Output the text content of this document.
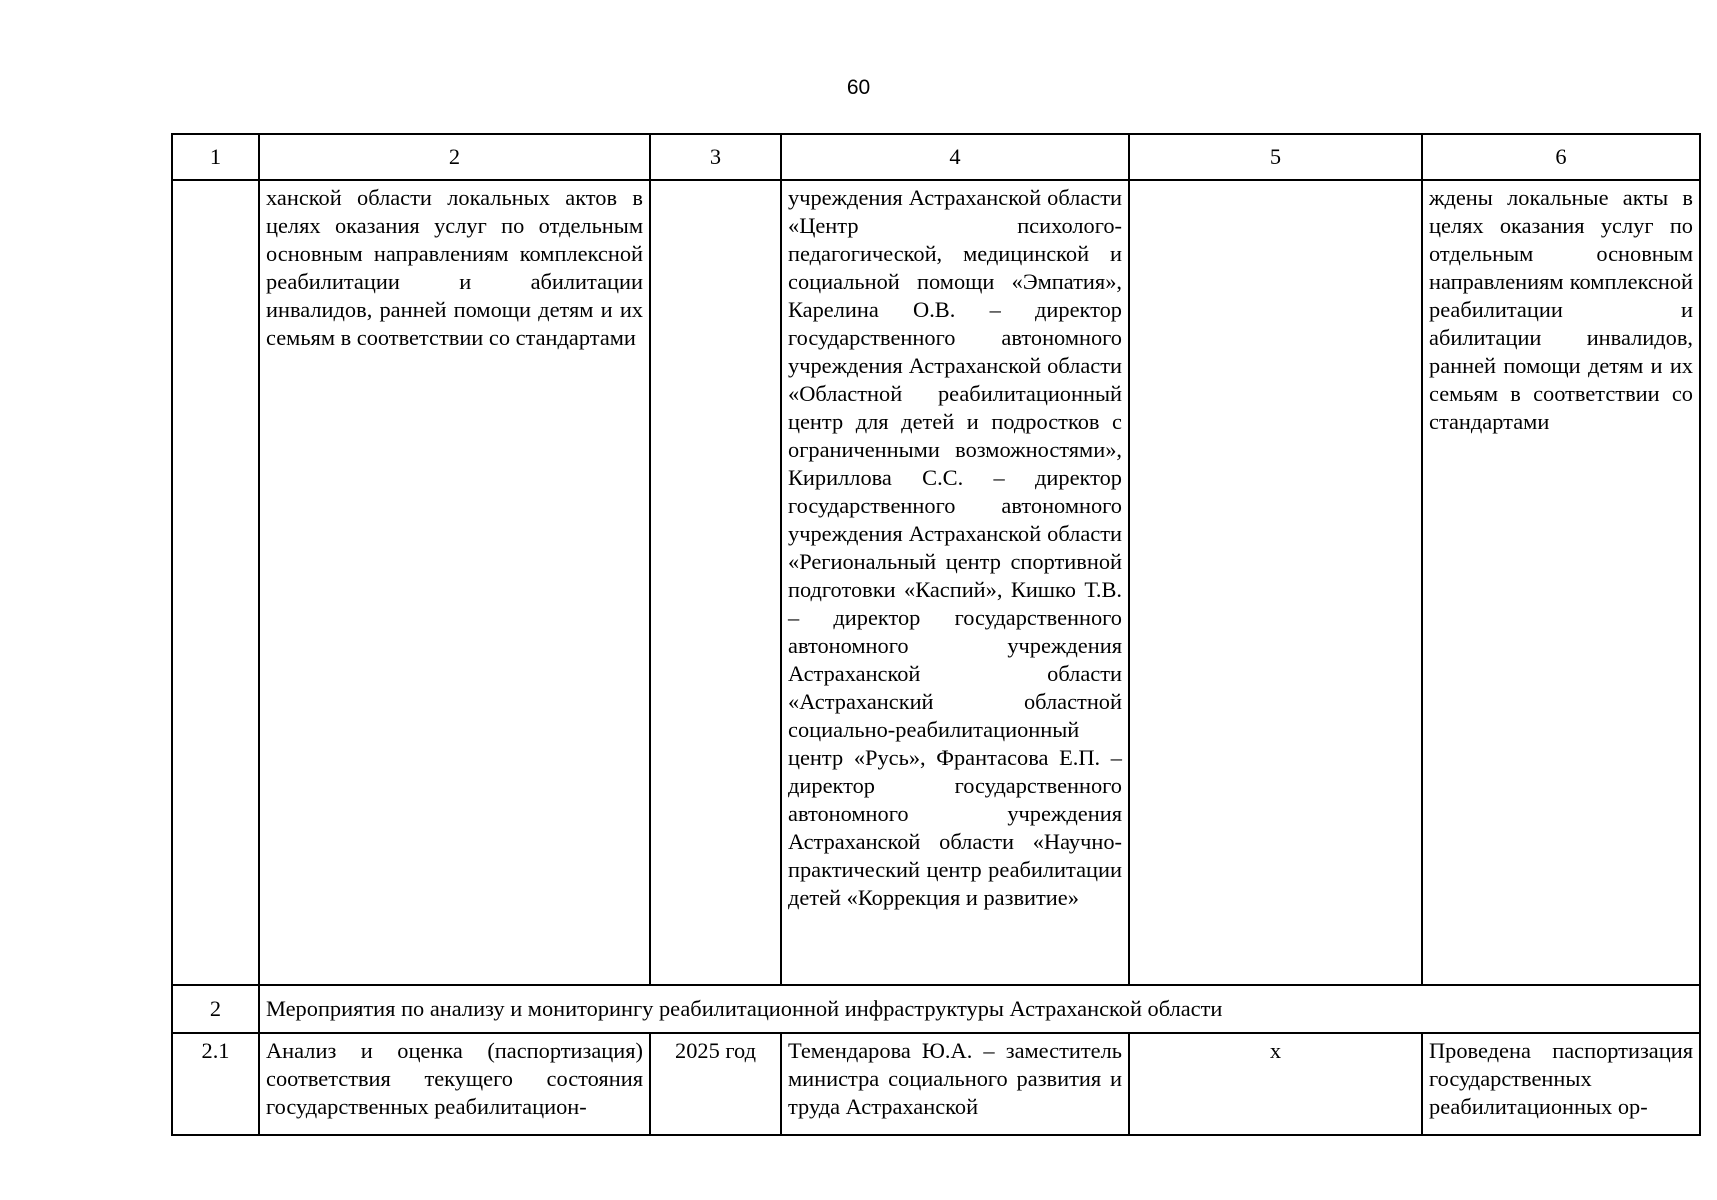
60
1	2	3	4	5	6
	ханской области локальных актов в целях оказания услуг по отдельным основным направлениям комплексной реабилитации и абилитации инвалидов, ранней помощи детям и их семьям в соответствии со стандартами		учреждения Астраханской области «Центр психолого-педагогической, медицинской и социальной помощи «Эмпатия», Карелина О.В. – директор государственного автономного учреждения Астраханской области «Областной реабилитационный центр для детей и подростков с ограниченными возможностями», Кириллова С.С. – директор государственного автономного учреждения Астраханской области «Региональный центр спортивной подготовки «Каспий», Кишко Т.В. – директор государственного автономного учреждения Астраханской области «Астраханский областной социально-реабилитационный центр «Русь», Франтасова Е.П. – директор государственного автономного учреждения Астраханской области «Научно-практический центр реабилитации детей «Коррекция и развитие»		ждены локальные акты в целях оказания услуг по отдельным основным направлениям комплексной реабилитации и абилитации инвалидов, ранней помощи детям и их семьям в соответствии со стандартами
2	Мероприятия по анализу и мониторингу реабилитационной инфраструктуры Астраханской области				
2.1	Анализ и оценка (паспортизация) соответствия текущего состояния государственных реабилитацион-	2025 год	Темендарова Ю.А. – заместитель министра социального развития и труда Астраханской	х	Проведена паспортизация государственных реабилитационных ор-
